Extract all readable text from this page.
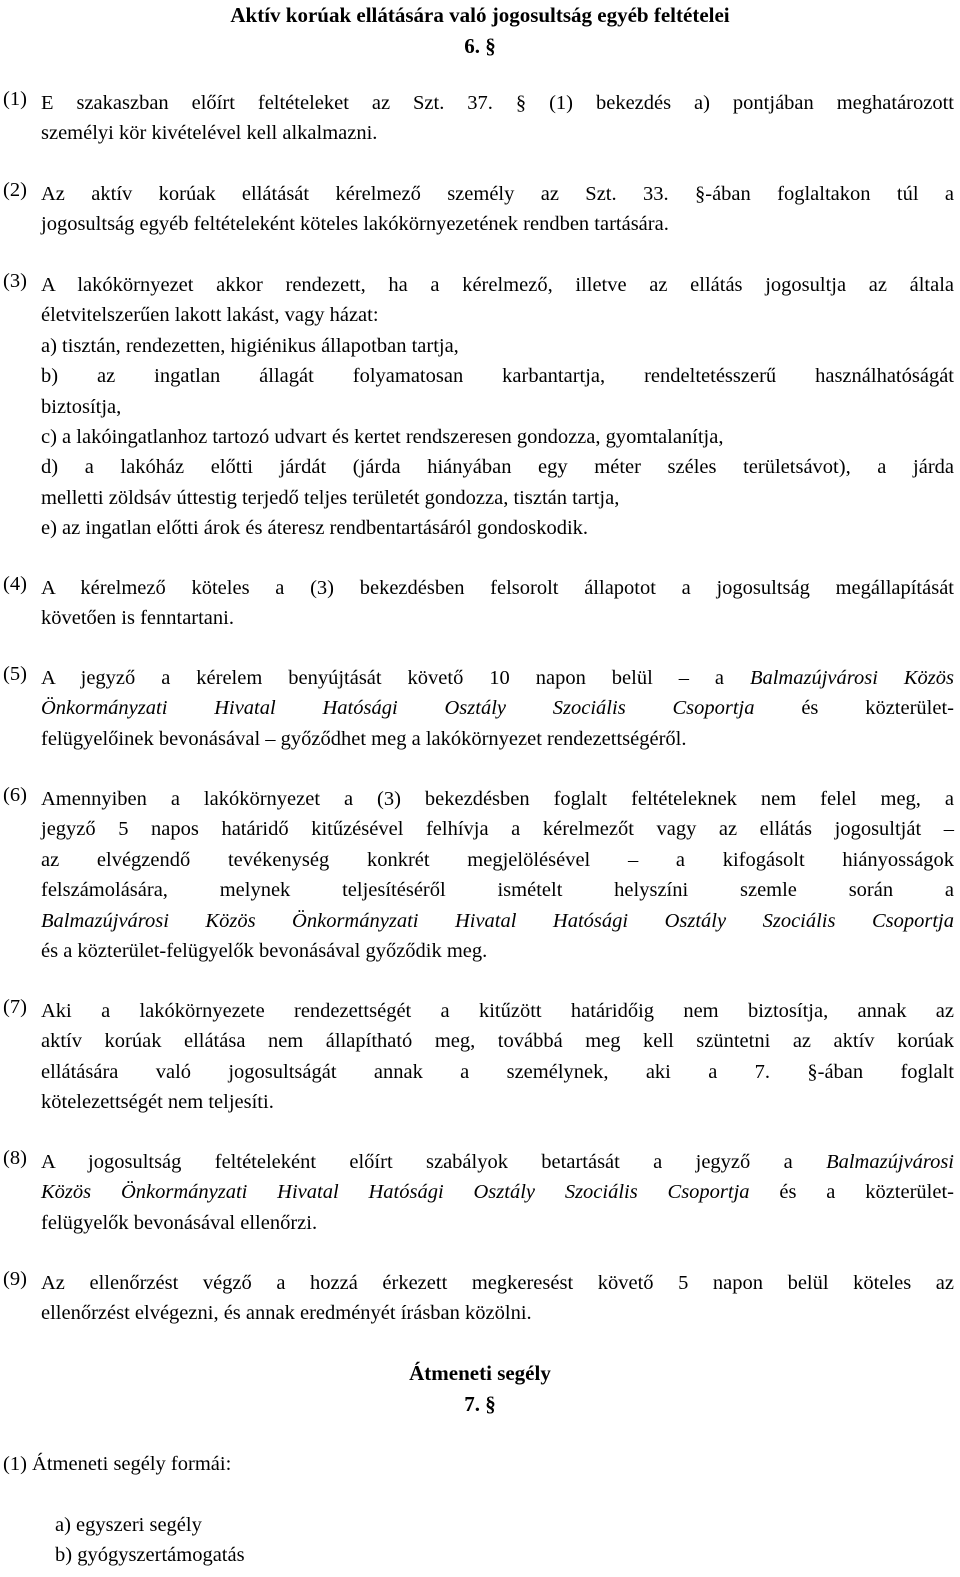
Aktív korúak ellátására való jogosultság egyéb feltételei
6. §
(1) E szakaszban előírt feltételeket az Szt. 37. § (1) bekezdés a) pontjában meghatározott
személyi kör kivételével kell alkalmazni.
(2) Az aktív korúak ellátását kérelmező személy az Szt. 33. §-ában foglaltakon túl a
jogosultság egyéb feltételeként köteles lakókörnyezetének rendben tartására.
(3) A lakókörnyezet akkor rendezett, ha a kérelmező, illetve az ellátás jogosultja az általa
életvitelszerűen lakott lakást, vagy házat:
a) tisztán, rendezetten, higiénikus állapotban tartja,
b) az ingatlan állagát folyamatosan karbantartja, rendeltetésszerű használhatóságát
biztosítja,
c) a lakóingatlanhoz tartozó udvart és kertet rendszeresen gondozza, gyomtalanítja,
d) a lakóház előtti járdát (járda hiányában egy méter széles területsávot), a járda
melletti zöldsáv úttestig terjedő teljes területét gondozza, tisztán tartja,
e) az ingatlan előtti árok és áteresz rendbentartásáról gondoskodik.
(4) A kérelmező köteles a (3) bekezdésben felsorolt állapotot a jogosultság megállapítását
követően is fenntartani.
(5) A jegyző a kérelem benyújtását követő 10 napon belül – a Balmazújvárosi Közös
Önkormányzati Hivatal Hatósági Osztály Szociális Csoportja és közterület-
felügyelőinek bevonásával – győződhet meg a lakókörnyezet rendezettségéről.
(6) Amennyiben a lakókörnyezet a (3) bekezdésben foglalt feltételeknek nem felel meg, a
jegyző 5 napos határidő kitűzésével felhívja a kérelmezőt vagy az ellátás jogosultját –
az elvégzendő tevékenység konkrét megjelölésével – a kifogásolt hiányosságok
felszámolására, melynek teljesítéséről ismételt helyszíni szemle során a
Balmazújvárosi Közös Önkormányzati Hivatal Hatósági Osztály Szociális Csoportja
és a közterület-felügyelők bevonásával győződik meg.
(7) Aki a lakókörnyezete rendezettségét a kitűzött határidőig nem biztosítja, annak az
aktív korúak ellátása nem állapítható meg, továbbá meg kell szüntetni az aktív korúak
ellátására való jogosultságát annak a személynek, aki a 7. §-ában foglalt
kötelezettségét nem teljesíti.
(8) A jogosultság feltételeként előírt szabályok betartását a jegyző a Balmazújvárosi
Közös Önkormányzati Hivatal Hatósági Osztály Szociális Csoportja és a közterület-
felügyelők bevonásával ellenőrzi.
(9) Az ellenőrzést végző a hozzá érkezett megkeresést követő 5 napon belül köteles az
ellenőrzést elvégezni, és annak eredményét írásban közölni.
Átmeneti segély
7. §
(1) Átmeneti segély formái:
a) egyszeri segély
b) gyógyszertámogatás
